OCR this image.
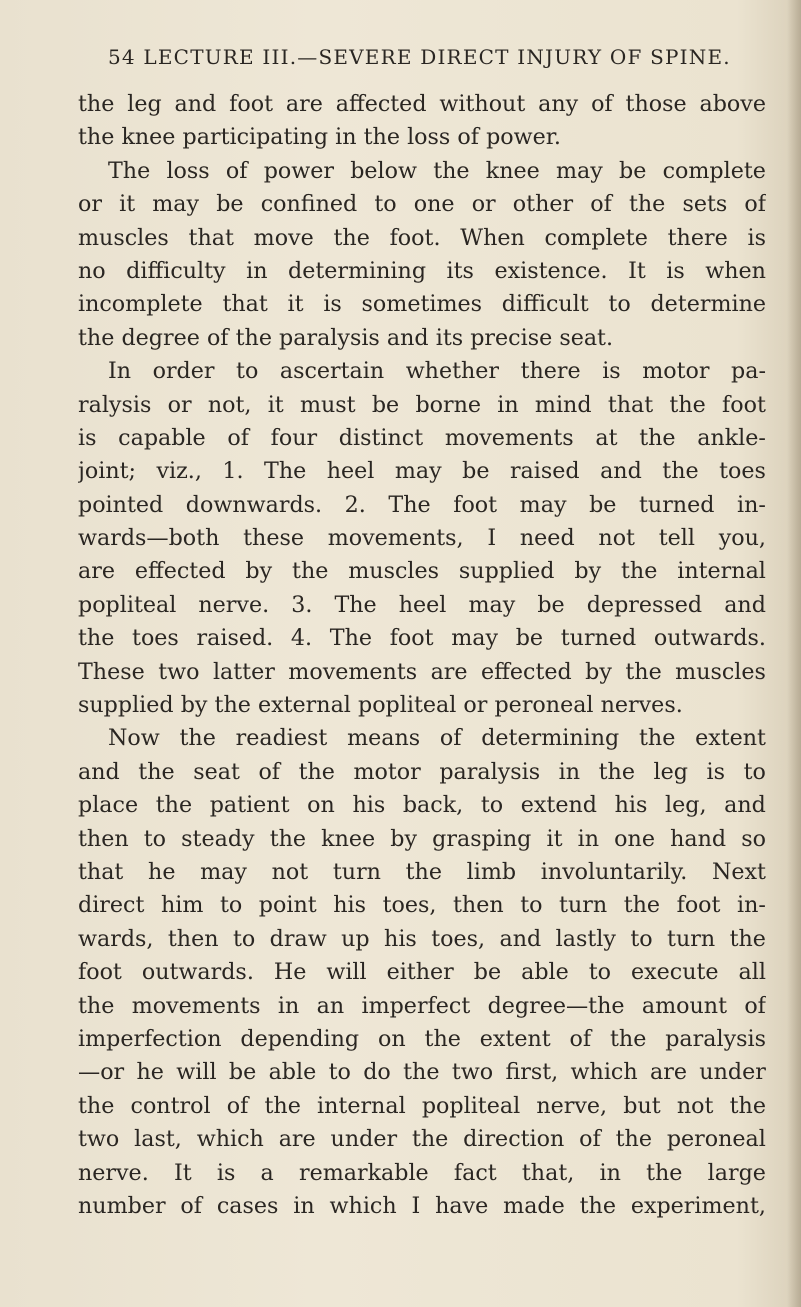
54 LECTURE III.—SEVERE DIRECT INJURY OF SPINE.
the leg and foot are affected without any of those above
the knee participating in the loss of power.
The loss of power below the knee may be complete
or it may be confined to one or other of the sets of
muscles that move the foot. When complete there is
no difficulty in determining its existence. It is when
incomplete that it is sometimes difficult to determine
the degree of the paralysis and its precise seat.
In order to ascertain whether there is motor pa-
ralysis or not, it must be borne in mind that the foot
is capable of four distinct movements at the ankle-
joint; viz., 1. The heel may be raised and the toes
pointed downwards. 2. The foot may be turned in-
wards—both these movements, I need not tell you,
are effected by the muscles supplied by the internal
popliteal nerve. 3. The heel may be depressed and
the toes raised. 4. The foot may be turned outwards.
These two latter movements are effected by the muscles
supplied by the external popliteal or peroneal nerves.
Now the readiest means of determining the extent
and the seat of the motor paralysis in the leg is to
place the patient on his back, to extend his leg, and
then to steady the knee by grasping it in one hand so
that he may not turn the limb involuntarily. Next
direct him to point his toes, then to turn the foot in-
wards, then to draw up his toes, and lastly to turn the
foot outwards. He will either be able to execute all
the movements in an imperfect degree—the amount of
imperfection depending on the extent of the paralysis
—or he will be able to do the two first, which are under
the control of the internal popliteal nerve, but not the
two last, which are under the direction of the peroneal
nerve. It is a remarkable fact that, in the large
number of cases in which I have made the experiment,
